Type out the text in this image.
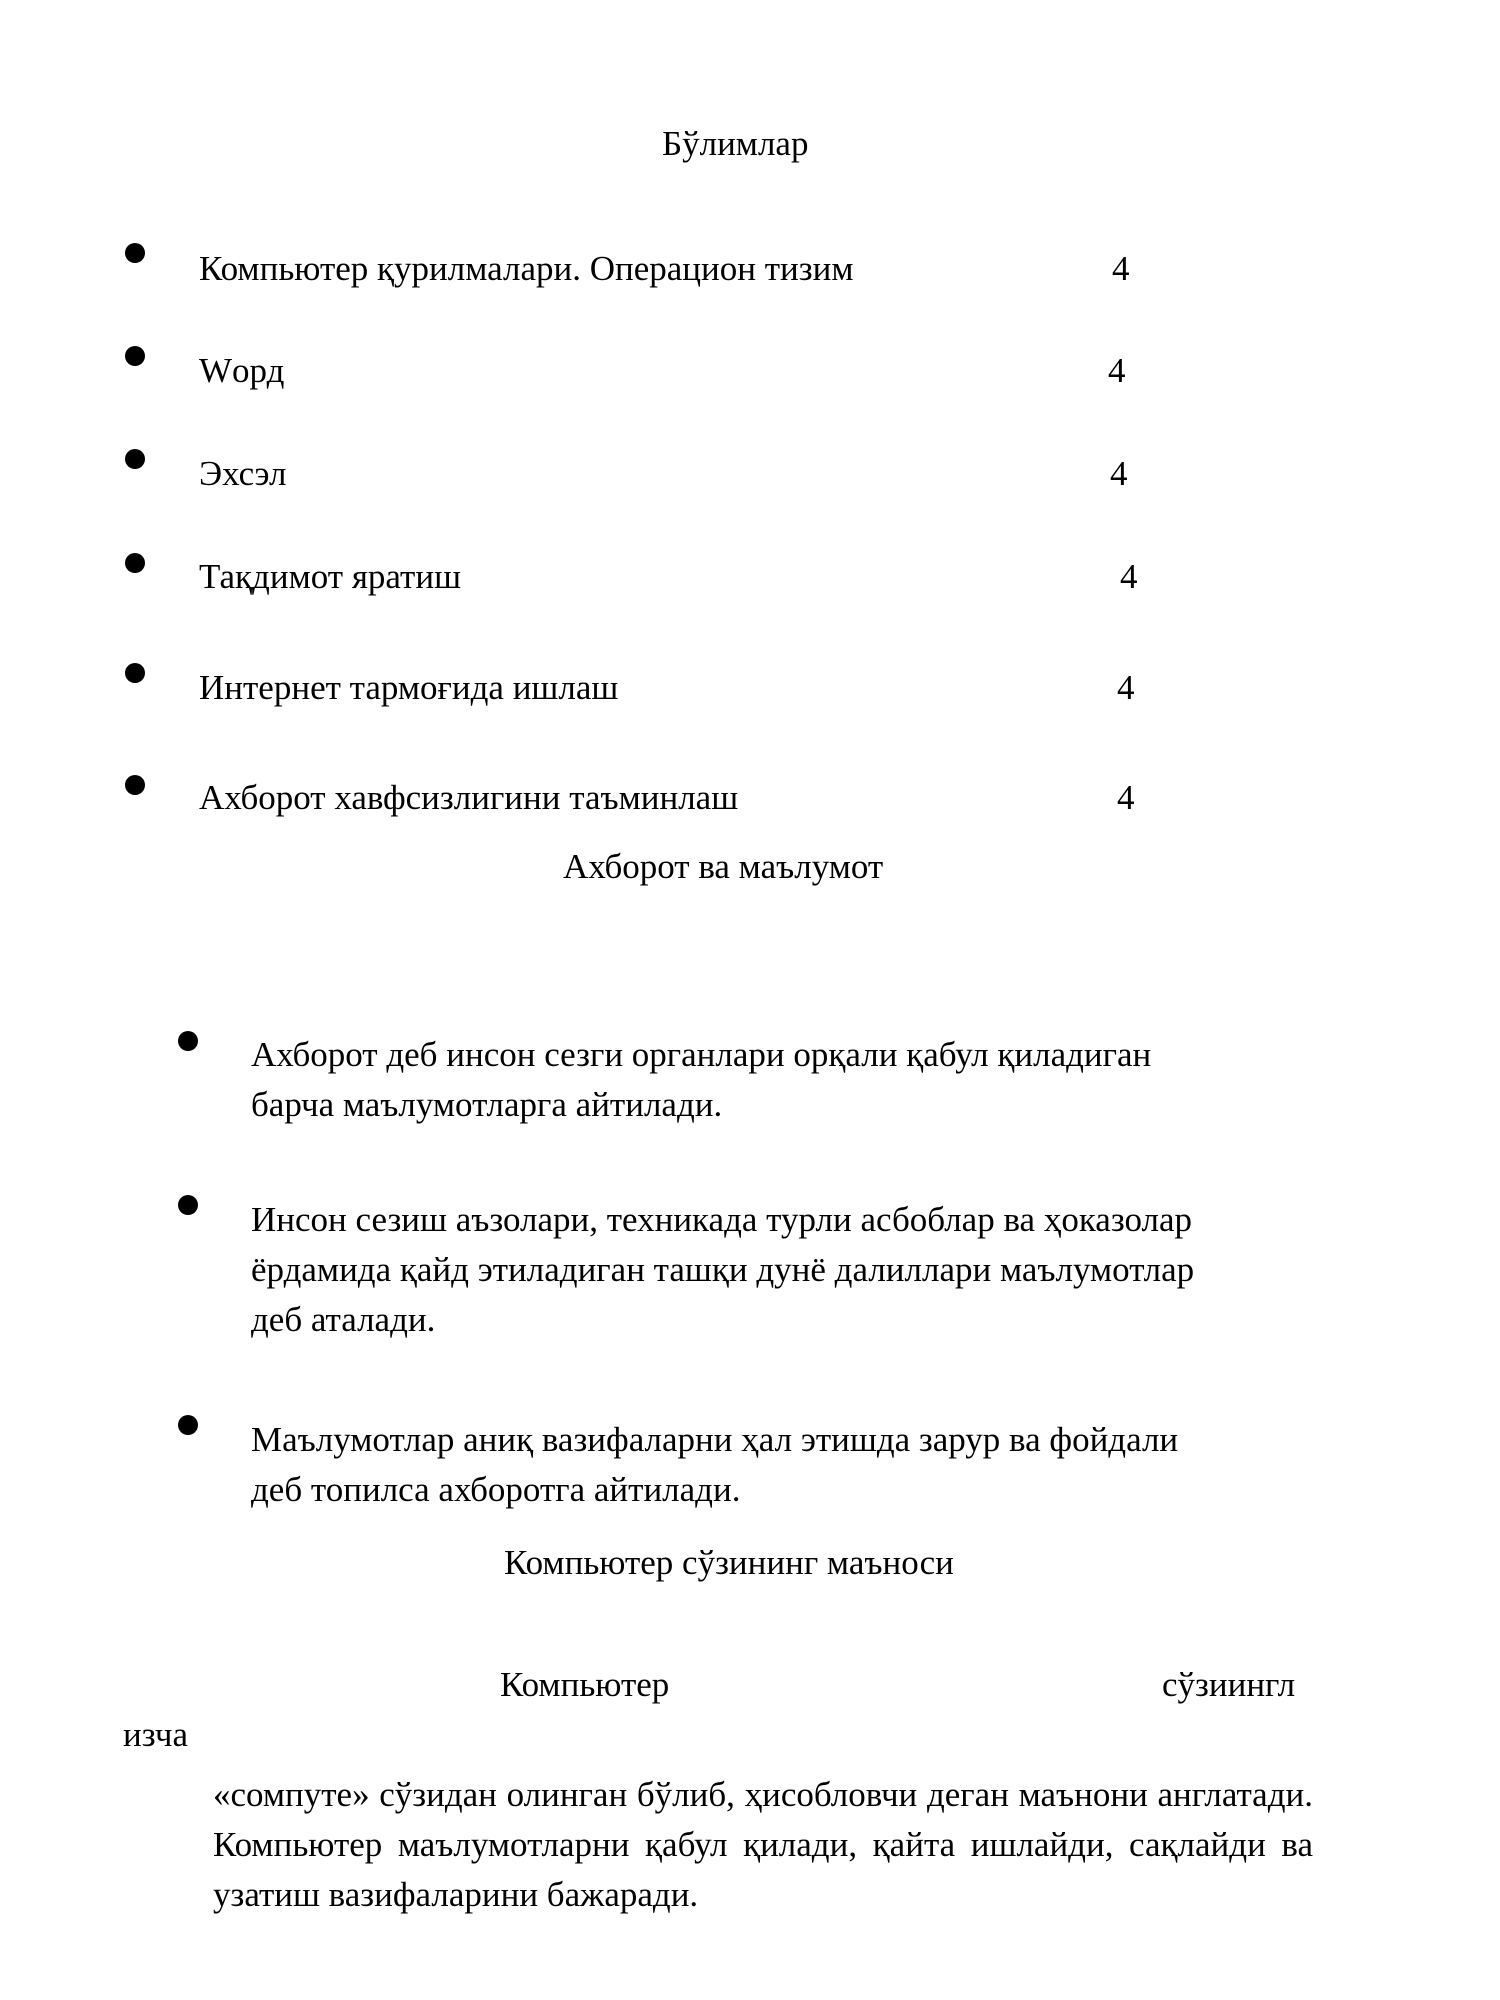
Бўлимлар
Компьютер қурилмалари. Операцион тизим	4
Wорд	4
Эхсэл	4
Тақдимот яратиш	4
Интернет тармоғида ишлаш	4
Ахборот хавфсизлигини таъминлаш	4
Ахборот ва маълумот

Ахборот деб инсон сезги органлари орқали қабул қиладиган

барча маълумотларга айтилади.

Инсон сезиш аъзолари, техникада турли асбоблар ва ҳоказолар

ёрдамида қайд этиладиган ташқи дунё далиллари маълумотлар

деб аталади.

Маълумотлар аниқ вазифаларни ҳал этишда зарур ва фойдали

деб топилса ахборотга айтилади.

Компьютер сўзининг маъноси
Компьютер	сўзиингл
изча

«сомпуте» сўзидан олинган бўлиб, ҳисобловчи деган маънони англатади. Компьютер маълумотларни қабул қилади, қайта ишлайди, сақлайди ва узатиш вазифаларини бажаради.
